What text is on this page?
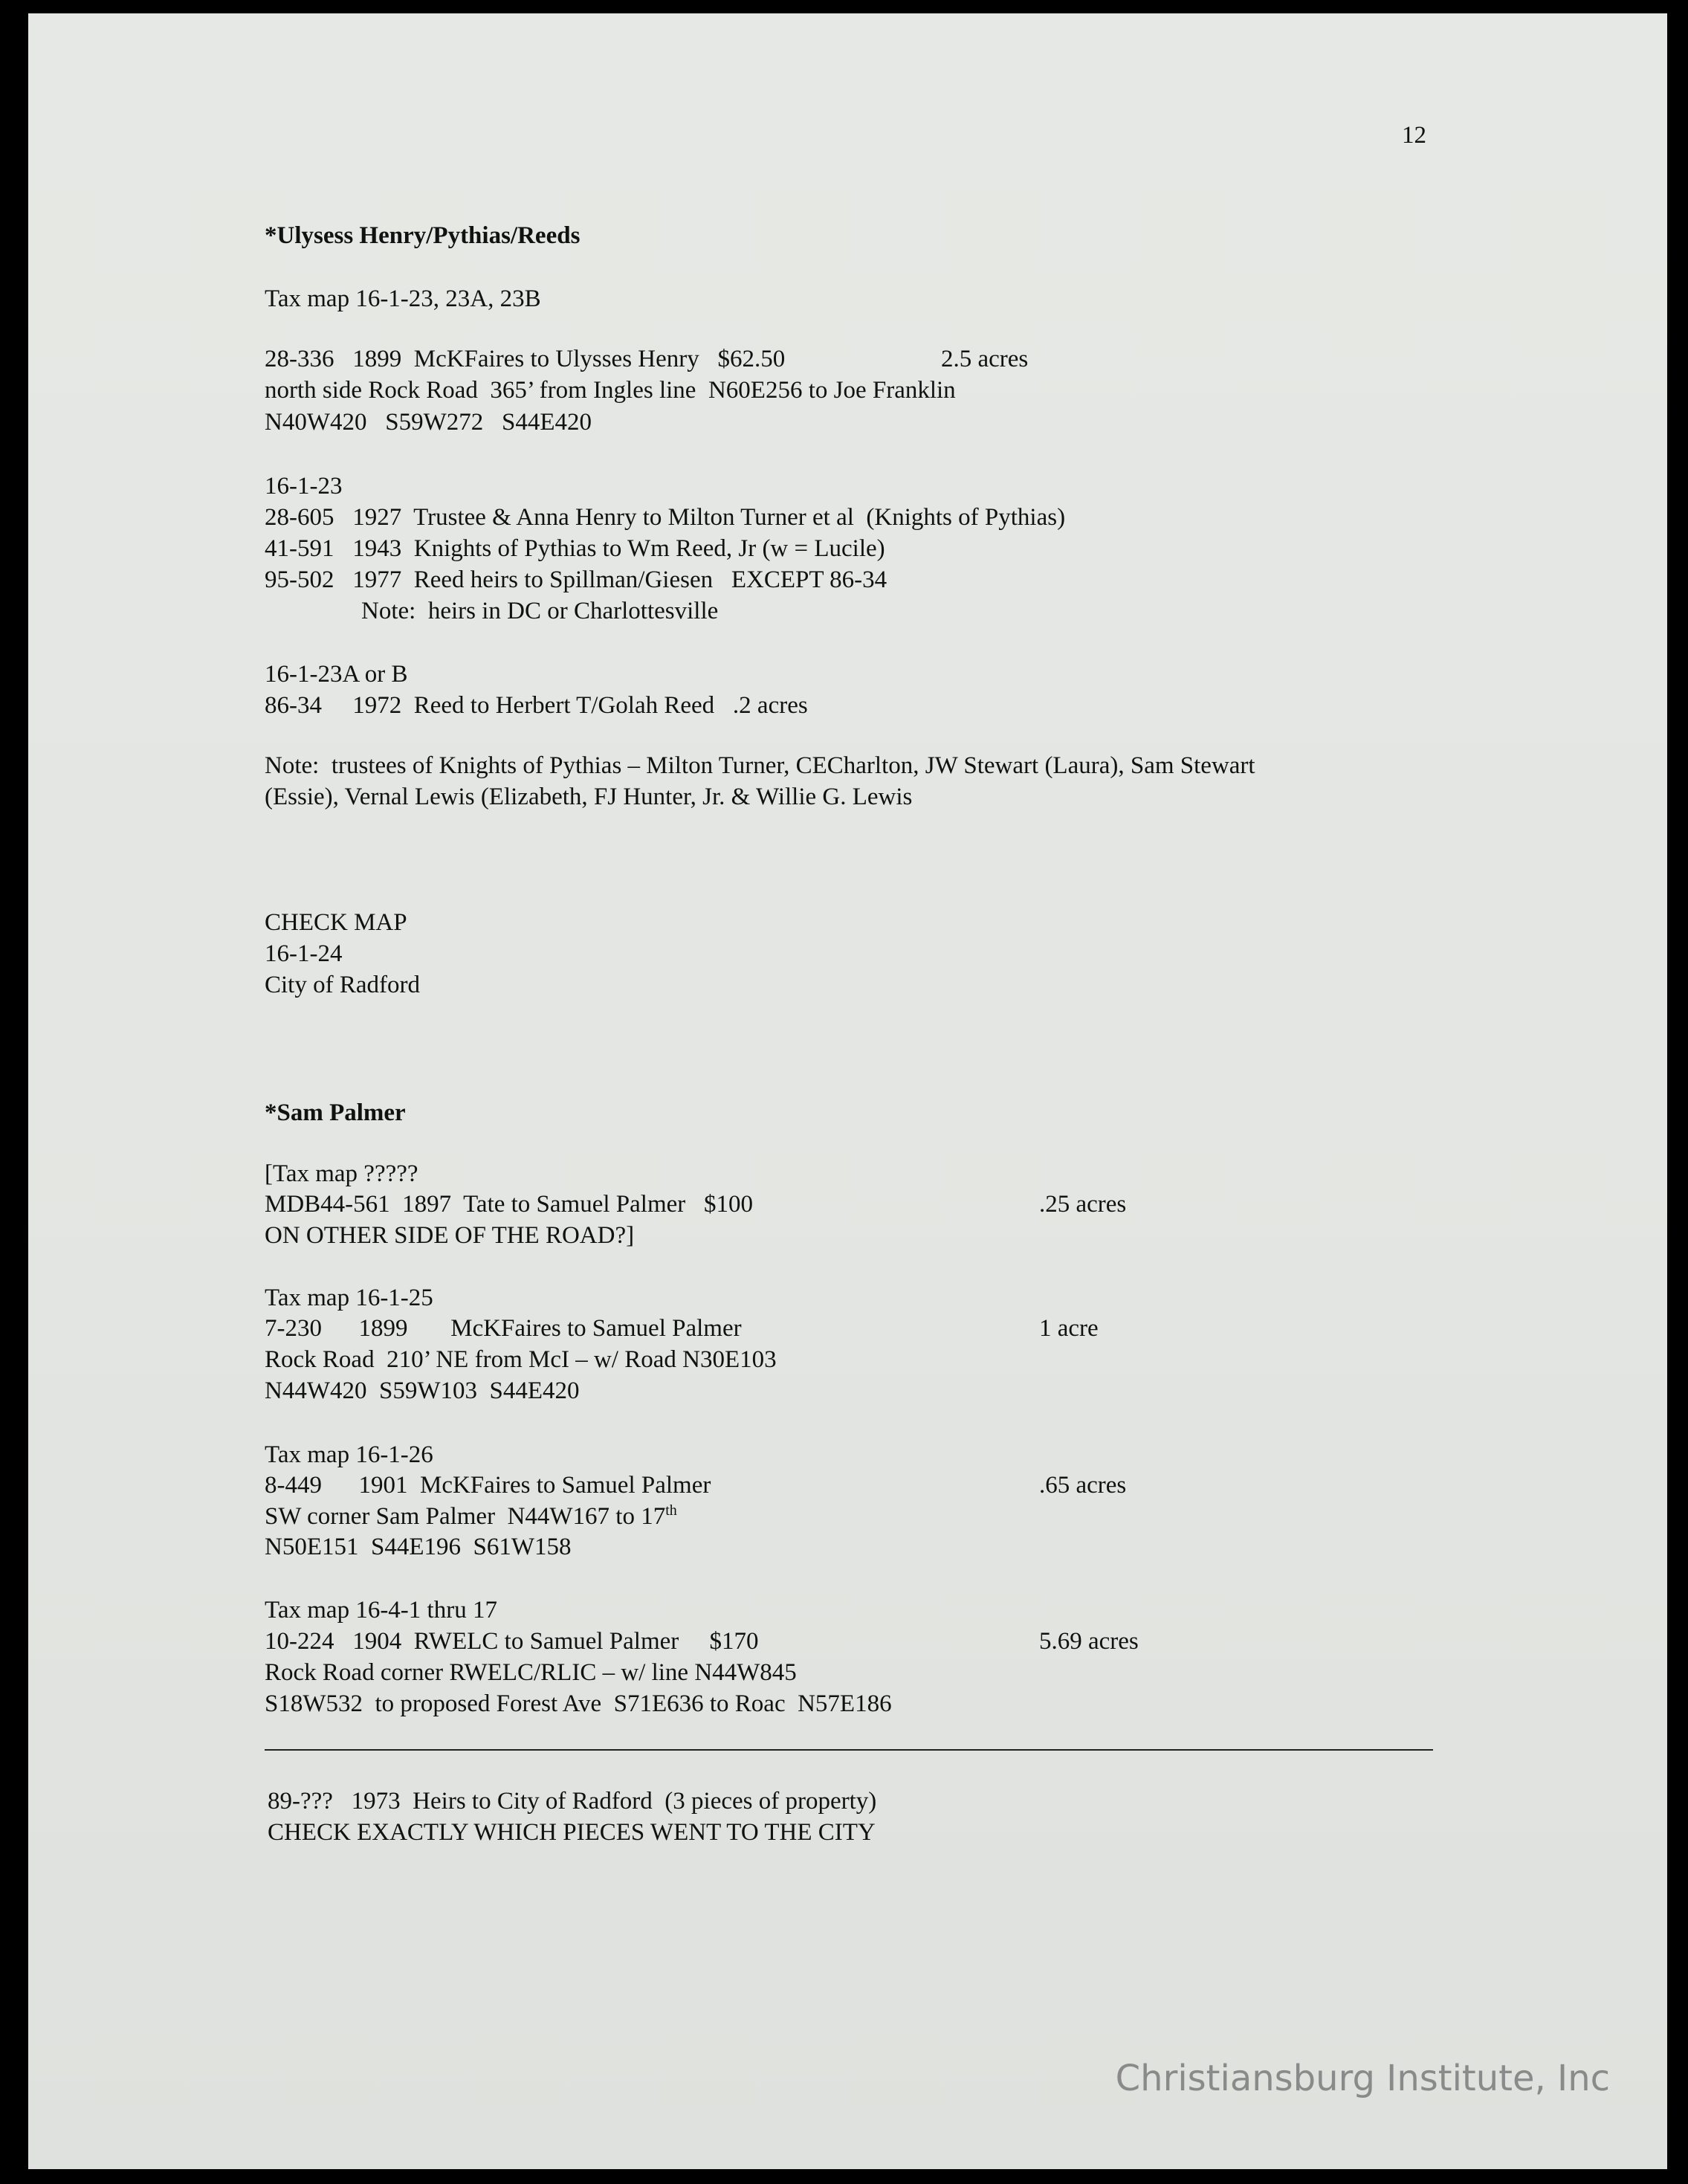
12
*Ulysess Henry/Pythias/Reeds
Tax map 16-1-23, 23A, 23B
28-336   1899  McKFaires to Ulysses Henry   $62.50	2.5 acres
north side Rock Road  365’ from Ingles line  N60E256 to Joe Franklin
N40W420   S59W272   S44E420
16-1-23
28-605   1927  Trustee & Anna Henry to Milton Turner et al  (Knights of Pythias)
41-591   1943  Knights of Pythias to Wm Reed, Jr (w = Lucile)
95-502   1977  Reed heirs to Spillman/Giesen   EXCEPT 86-34
Note:  heirs in DC or Charlottesville
16-1-23A or B
86-34     1972  Reed to Herbert T/Golah Reed   .2 acres
Note:  trustees of Knights of Pythias – Milton Turner, CECharlton, JW Stewart (Laura), Sam Stewart
(Essie), Vernal Lewis (Elizabeth, FJ Hunter, Jr. & Willie G. Lewis
CHECK MAP
16-1-24
City of Radford
*Sam Palmer
[Tax map ?????
MDB44-561  1897  Tate to Samuel Palmer   $100	.25 acres
ON OTHER SIDE OF THE ROAD?]
Tax map 16-1-25
7-230      1899       McKFaires to Samuel Palmer	1 acre
Rock Road  210’ NE from McI – w/ Road N30E103
N44W420  S59W103  S44E420
Tax map 16-1-26
8-449      1901  McKFaires to Samuel Palmer	.65 acres
SW corner Sam Palmer  N44W167 to 17th
N50E151  S44E196  S61W158
Tax map 16-4-1 thru 17
10-224   1904  RWELC to Samuel Palmer     $170	5.69 acres
Rock Road corner RWELC/RLIC – w/ line N44W845
S18W532  to proposed Forest Ave  S71E636 to Roac  N57E186
89-???   1973  Heirs to City of Radford  (3 pieces of property)
CHECK EXACTLY WHICH PIECES WENT TO THE CITY
Christiansburg Institute, Inc
